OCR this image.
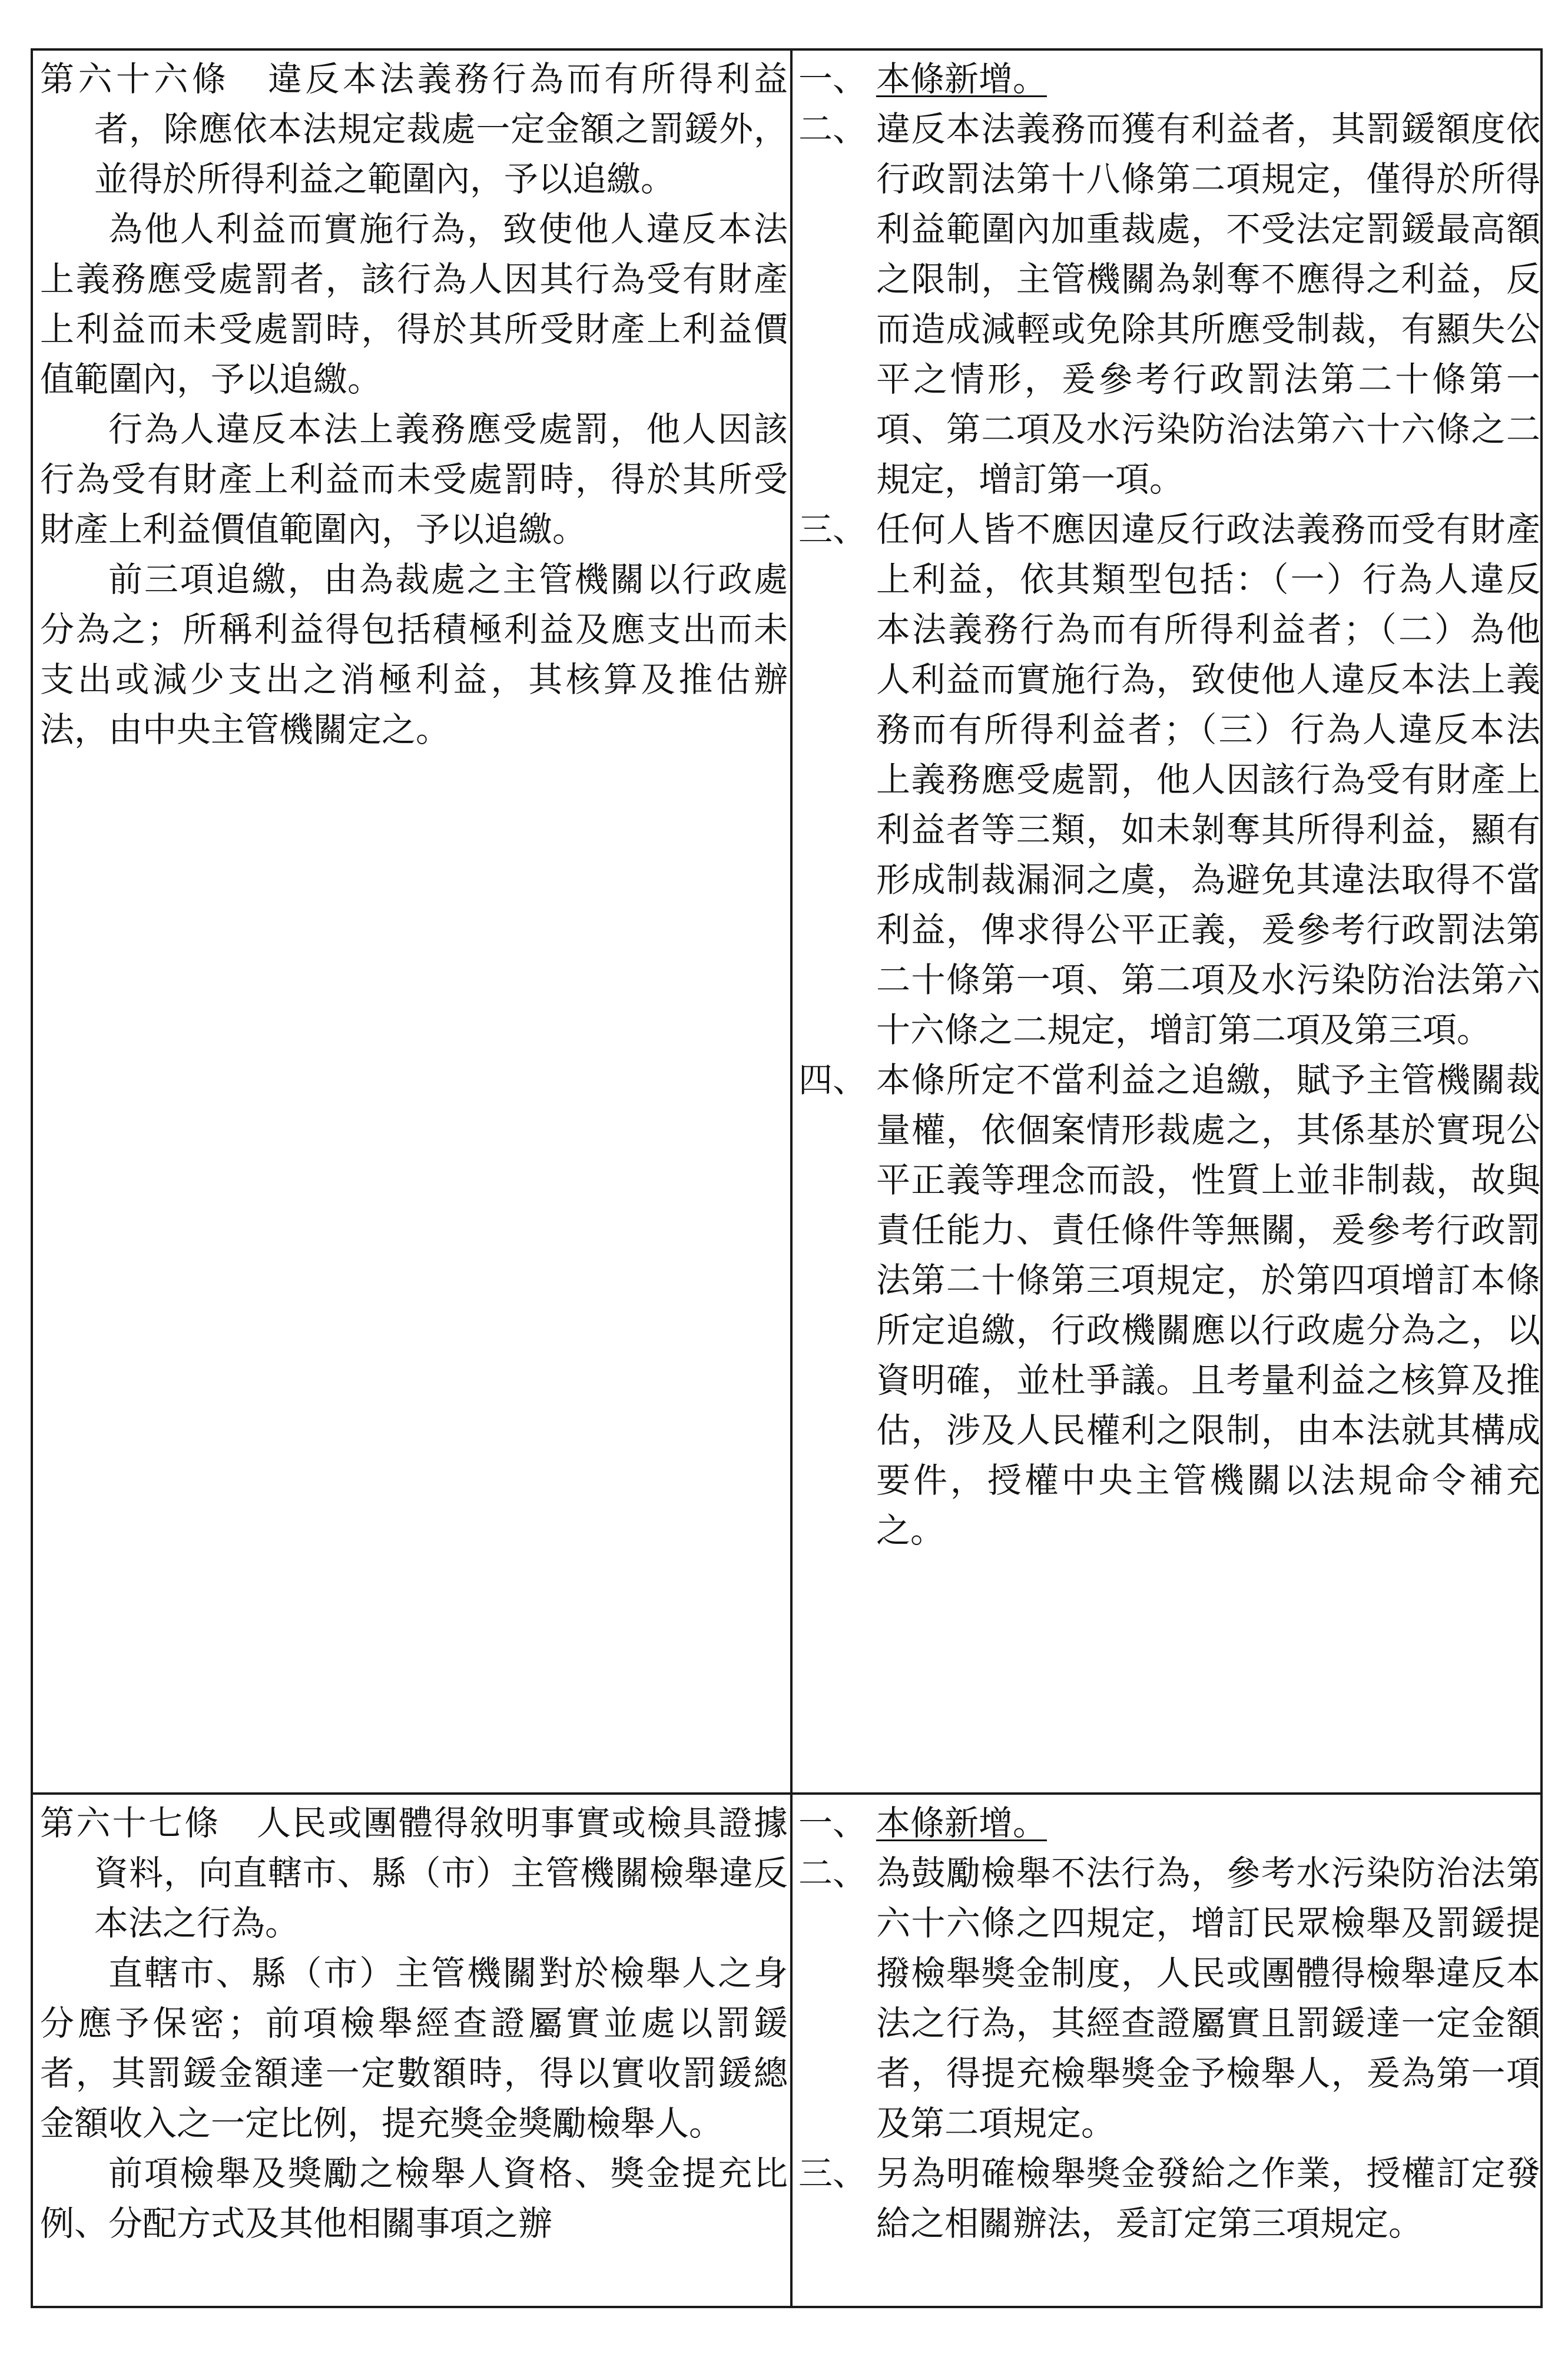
第六十六條 違反本法義務行為而有所得利益者，除應依本法規定裁處一定金額之罰鍰外，並得於所得利益之範圍內，予以追繳。

為他人利益而實施行為，致使他人違反本法上義務應受處罰者，該行為人因其行為受有財產上利益而未受處罰時，得於其所受財產上利益價值範圍內，予以追繳。

行為人違反本法上義務應受處罰，他人因該行為受有財產上利益而未受處罰時，得於其所受財產上利益價值範圍內，予以追繳。

前三項追繳，由為裁處之主管機關以行政處分為之；所稱利益得包括積極利益及應支出而未支出或減少支出之消極利益，其核算及推估辦法，由中央主管機關定之。

一、 本條新增。
二、 違反本法義務而獲有利益者，其罰鍰額度依行政罰法第十八條第二項規定，僅得於所得利益範圍內加重裁處，不受法定罰鍰最高額之限制，主管機關為剝奪不應得之利益，反而造成減輕或免除其所應受制裁，有顯失公平之情形，爰參考行政罰法第二十條第一項、第二項及水污染防治法第六十六條之二規定，增訂第一項。
三、 任何人皆不應因違反行政法義務而受有財產上利益，依其類型包括：（一）行為人違反本法義務行為而有所得利益者；（二）為他人利益而實施行為，致使他人違反本法上義務而有所得利益者；（三）行為人違反本法上義務應受處罰，他人因該行為受有財產上利益者等三類，如未剝奪其所得利益，顯有形成制裁漏洞之虞，為避免其違法取得不當利益，俾求得公平正義，爰參考行政罰法第二十條第一項、第二項及水污染防治法第六十六條之二規定，增訂第二項及第三項。
四、 本條所定不當利益之追繳，賦予主管機關裁量權，依個案情形裁處之，其係基於實現公平正義等理念而設，性質上並非制裁，故與責任能力、責任條件等無關，爰參考行政罰法第二十條第三項規定，於第四項增訂本條所定追繳，行政機關應以行政處分為之，以資明確，並杜爭議。且考量利益之核算及推估，涉及人民權利之限制，由本法就其構成要件，授權中央主管機關以法規命令補充之。

第六十七條 人民或團體得敘明事實或檢具證據資料，向直轄市、縣（市）主管機關檢舉違反本法之行為。

直轄市、縣（市）主管機關對於檢舉人之身分應予保密；前項檢舉經查證屬實並處以罰鍰者，其罰鍰金額達一定數額時，得以實收罰鍰總金額收入之一定比例，提充獎金獎勵檢舉人。

前項檢舉及獎勵之檢舉人資格、獎金提充比例、分配方式及其他相關事項之辦

一、 本條新增。
二、 為鼓勵檢舉不法行為，參考水污染防治法第六十六條之四規定，增訂民眾檢舉及罰鍰提撥檢舉獎金制度，人民或團體得檢舉違反本法之行為，其經查證屬實且罰鍰達一定金額者，得提充檢舉獎金予檢舉人，爰為第一項及第二項規定。
三、 另為明確檢舉獎金發給之作業，授權訂定發給之相關辦法，爰訂定第三項規定。
